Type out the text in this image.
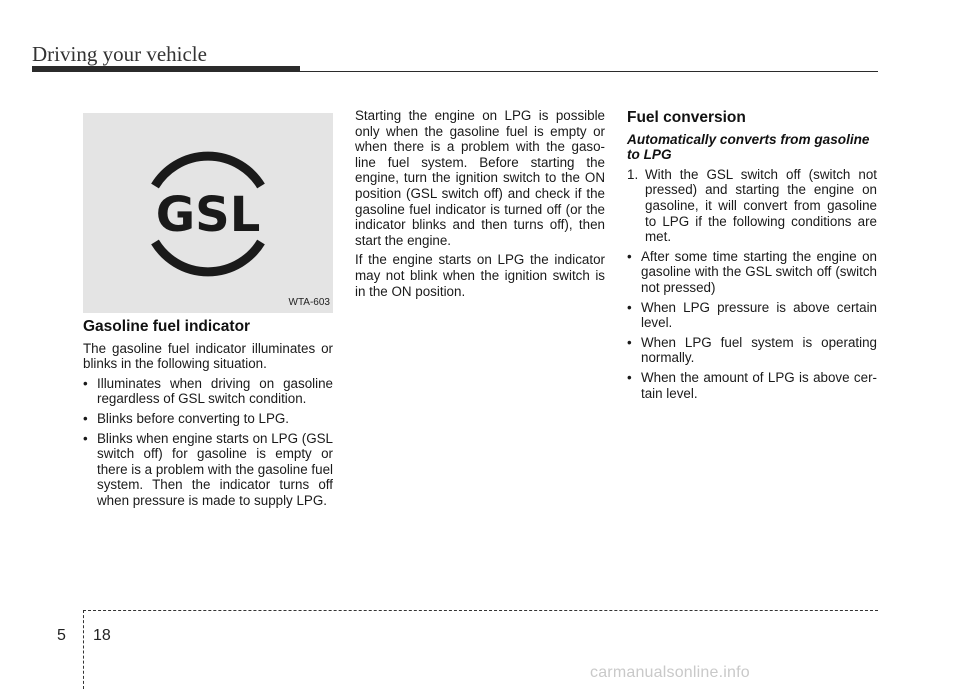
Driving your vehicle
GSL
WTA-603
Gasoline fuel indicator

The gasoline fuel indicator illuminates or blinks in the following situation.

• Illuminates when driving on gasoline regardless of GSL switch condition.
• Blinks before converting to LPG.
• Blinks when engine starts on LPG (GSL switch off) for gasoline is empty or there is a problem with the gasoline fuel system. Then the indicator turns off when pressure is made to supply LPG.

Starting the engine on LPG is possible only when the gasoline fuel is empty or when there is a problem with the gaso-line fuel system. Before starting the engine, turn the ignition switch to the ON position (GSL switch off) and check if the gasoline fuel indicator is turned off (or the indicator blinks and then turns off), then start the engine.

If the engine starts on LPG the indicator may not blink when the ignition switch is in the ON position.

Fuel conversion
Automatically converts from gasoline to LPG
1. With the GSL switch off (switch not pressed) and starting the engine on gasoline, it will convert from gasoline to LPG if the following conditions are met.
• After some time starting the engine on gasoline with the GSL switch off (switch not pressed)
• When LPG pressure is above certain level.
• When LPG fuel system is operating normally.
• When the amount of LPG is above cer-tain level.
5 18
carmanualsonline.info
